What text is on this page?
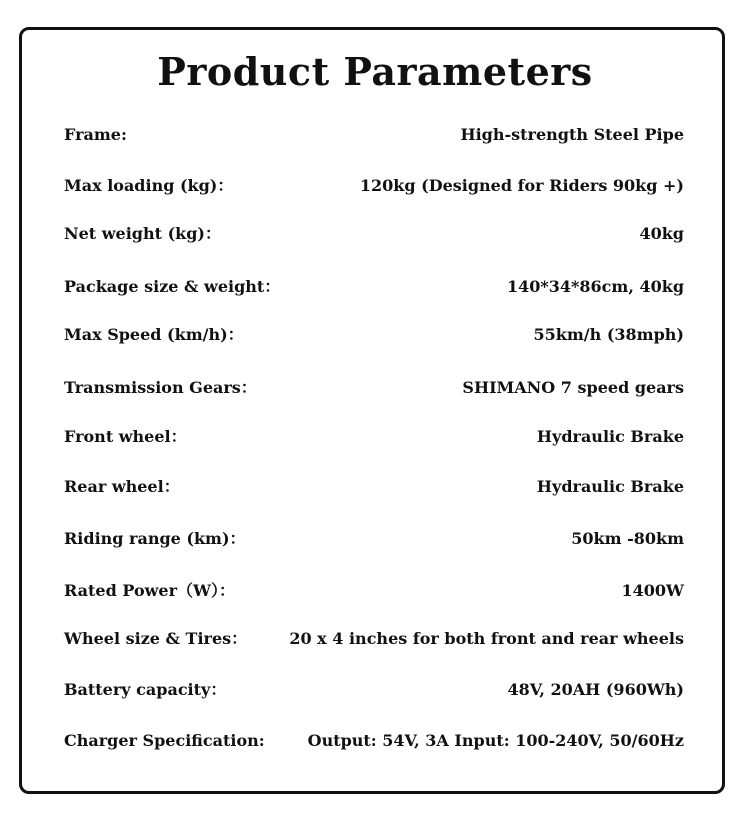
Product Parameters
Frame:	High-strength Steel Pipe
Max loading (kg)：	120kg (Designed for Riders 90kg +)
Net weight (kg)：	40kg
Package size & weight：	140*34*86cm, 40kg
Max Speed (km/h)：	55km/h (38mph)
Transmission Gears：	SHIMANO 7 speed gears
Front wheel：	Hydraulic Brake
Rear wheel：	Hydraulic Brake
Riding range (km)：	50km -80km
Rated Power（W）：	1400W
Wheel size & Tires：	20 x 4 inches for both front and rear wheels
Battery capacity：	48V, 20AH (960Wh)
Charger Specification:	Output: 54V, 3A Input: 100-240V, 50/60Hz
